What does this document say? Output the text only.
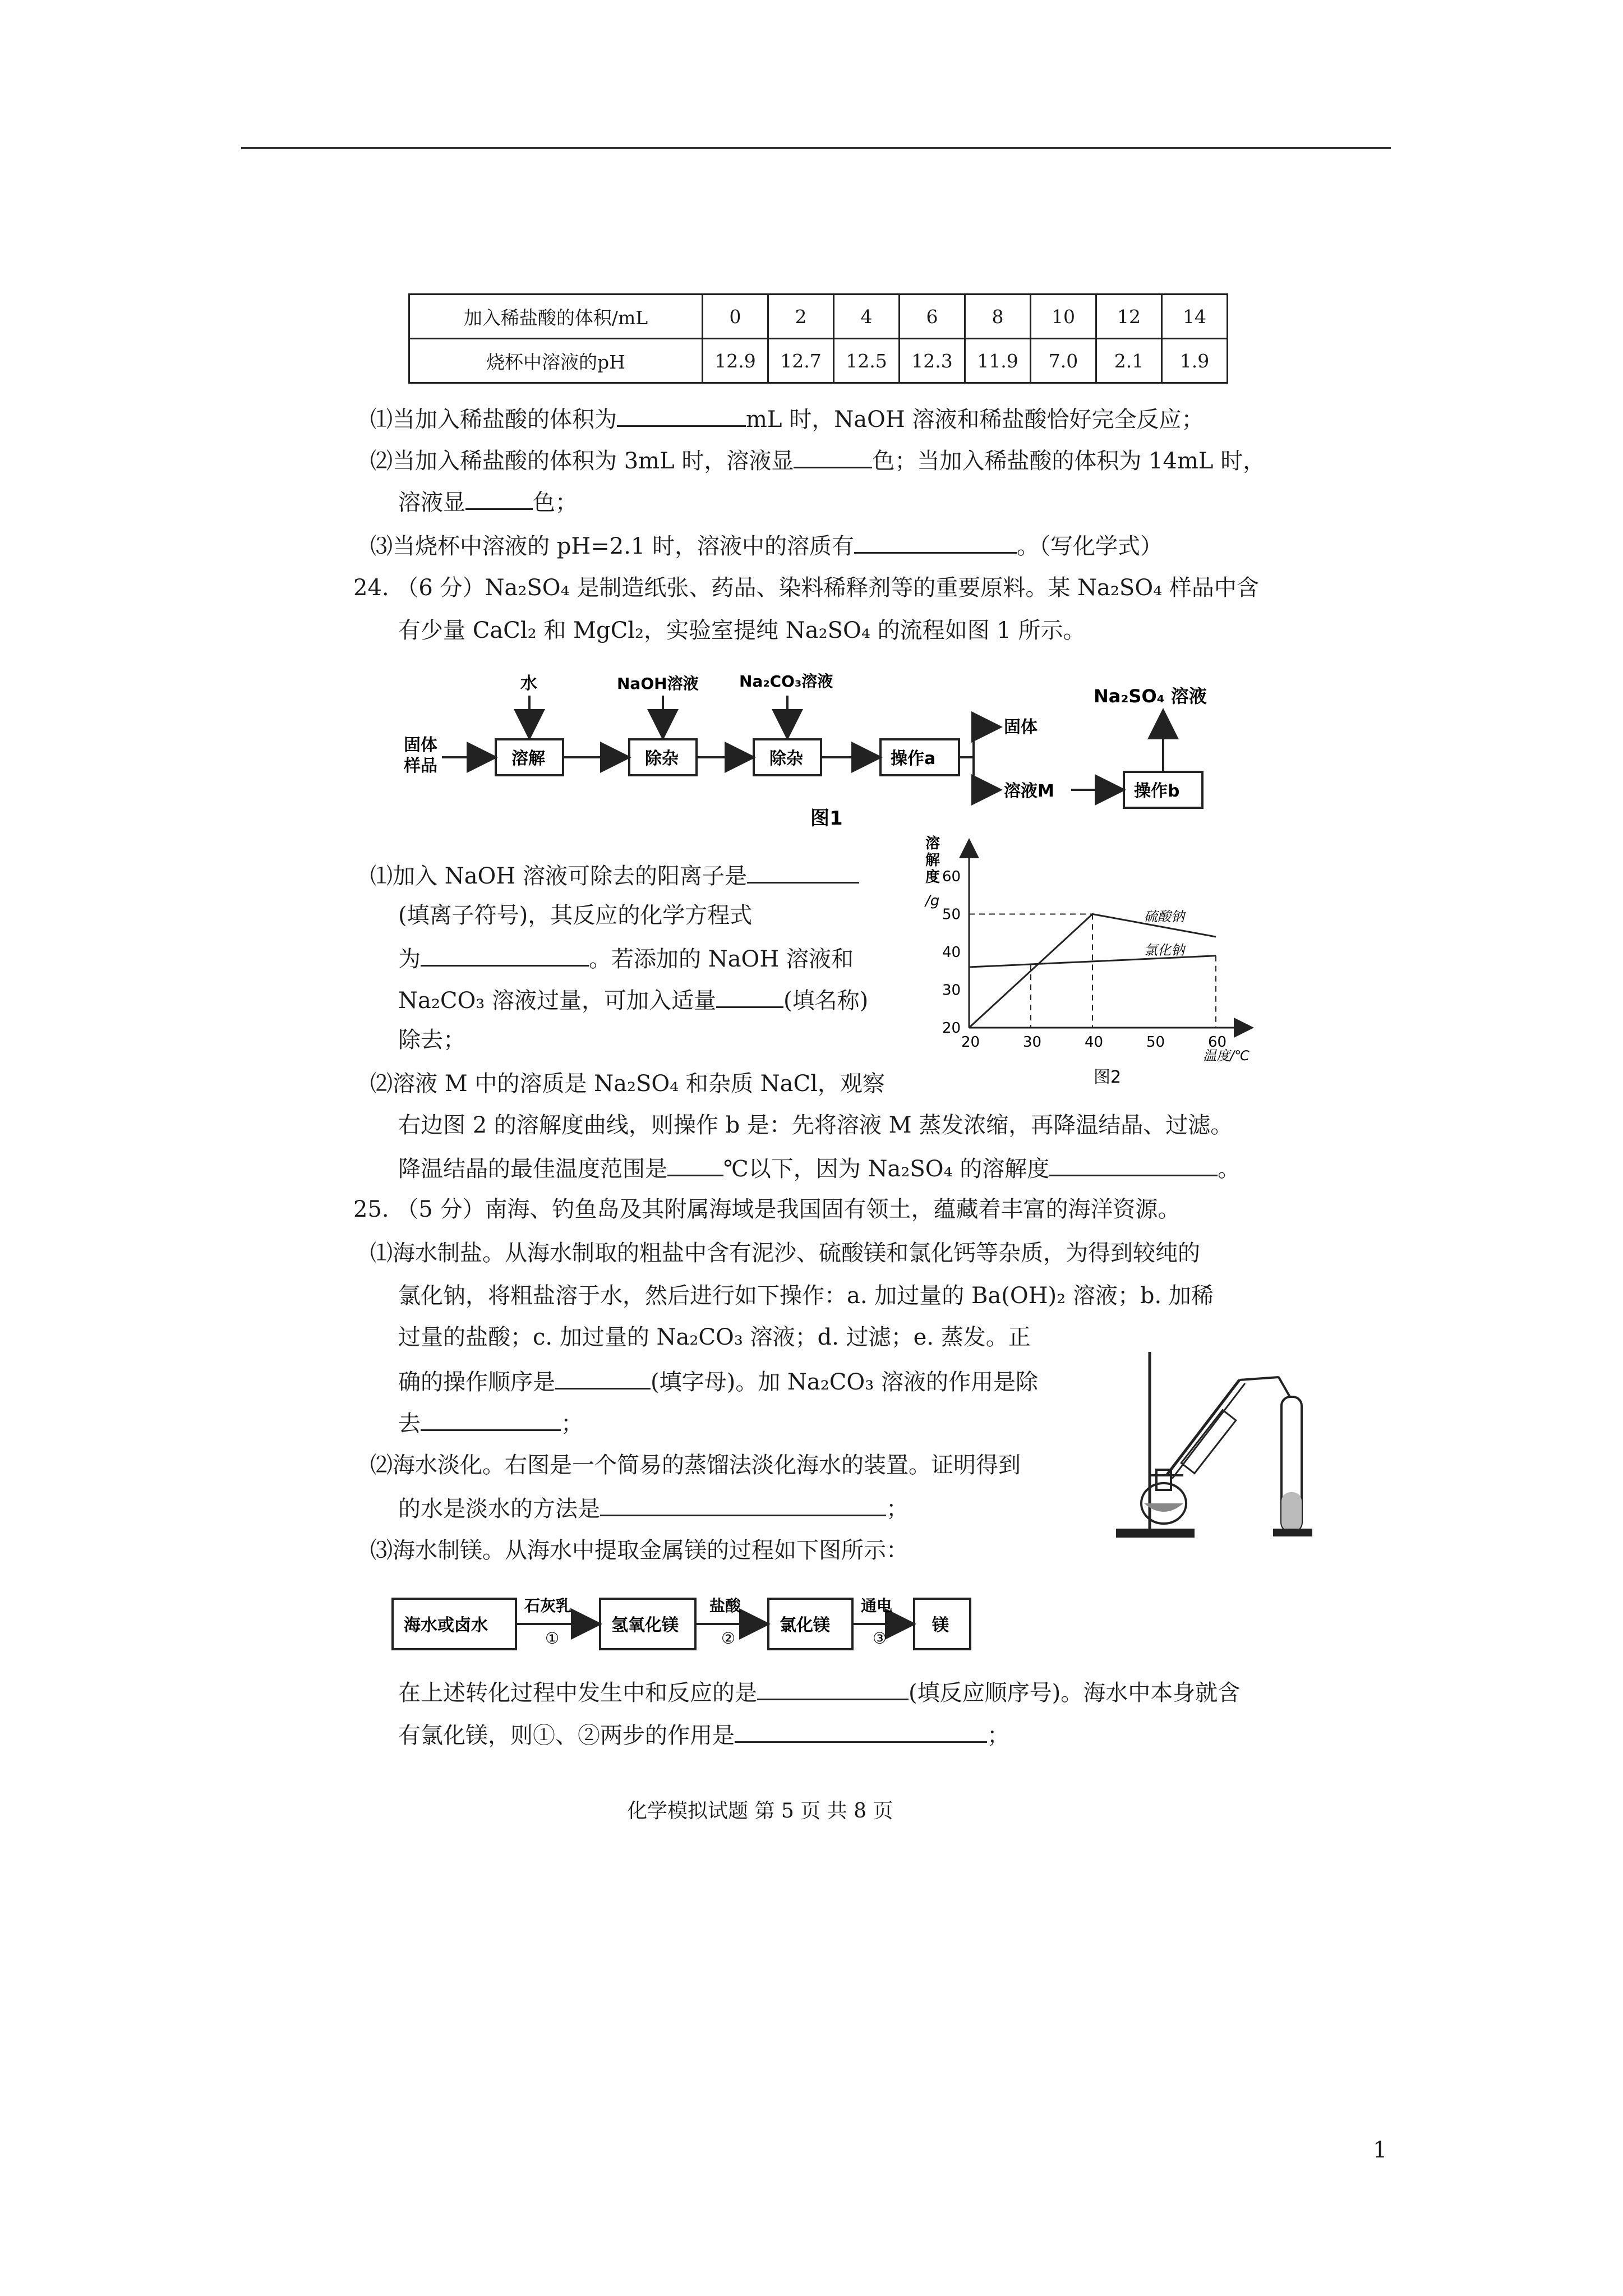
加入稀盐酸的体积/mL	0	2	4	6	8	10	12	14
烧杯中溶液的pH	12.9	12.7	12.5	12.3	11.9	7.0	2.1	1.9
⑴当加入稀盐酸的体积为	mL 时，NaOH 溶液和稀盐酸恰好完全反应；
⑵当加入稀盐酸的体积为 3mL 时，溶液显	色；当加入稀盐酸的体积为 14mL 时，
溶液显	色；
⑶当烧杯中溶液的 pH=2.1 时，溶液中的溶质有	。（写化学式）
24. （6 分）Na₂SO₄ 是制造纸张、药品、染料稀释剂等的重要原料。某 Na₂SO₄ 样品中含
有少量 CaCl₂ 和 MgCl₂，实验室提纯 Na₂SO₄ 的流程如图 1 所示。
固体
样品	溶解
水
除杂
NaOH溶液
除杂
Na₂CO₃溶液
操作a
固体
溶液M	操作b
Na₂SO₄ 溶液
图1
⑴加入 NaOH 溶液可除去的阳离子是
(填离子符号)，其反应的化学方程式
为	。若添加的 NaOH 溶液和
Na₂CO₃ 溶液过量，可加入适量	(填名称)
除去；
⑵溶液 M 中的溶质是 Na₂SO₄ 和杂质 NaCl，观察
溶
解
度
/g
60
50
40
30
20
20	30	40	50	60
硫酸钠
氯化钠
温度/℃
图2
右边图 2 的溶解度曲线，则操作 b 是：先将溶液 M 蒸发浓缩，再降温结晶、过滤。
降温结晶的最佳温度范围是	℃以下，因为 Na₂SO₄ 的溶解度	。
25. （5 分）南海、钓鱼岛及其附属海域是我国固有领土，蕴藏着丰富的海洋资源。
⑴海水制盐。从海水制取的粗盐中含有泥沙、硫酸镁和氯化钙等杂质，为得到较纯的
氯化钠，将粗盐溶于水，然后进行如下操作：a. 加过量的 Ba(OH)₂ 溶液；b. 加稀
过量的盐酸；c. 加过量的 Na₂CO₃ 溶液；d. 过滤；e. 蒸发。正
确的操作顺序是	(填字母)。加 Na₂CO₃ 溶液的作用是除
去	；
⑵海水淡化。右图是一个简易的蒸馏法淡化海水的装置。证明得到
的水是淡水的方法是	；
⑶海水制镁。从海水中提取金属镁的过程如下图所示：
海水或卤水
石灰乳
①
氢氧化镁
盐酸
②
氯化镁
通电
③
镁
在上述转化过程中发生中和反应的是	(填反应顺序号)。海水中本身就含
有氯化镁，则①、②两步的作用是	；
化学模拟试题 第 5 页 共 8 页
1
